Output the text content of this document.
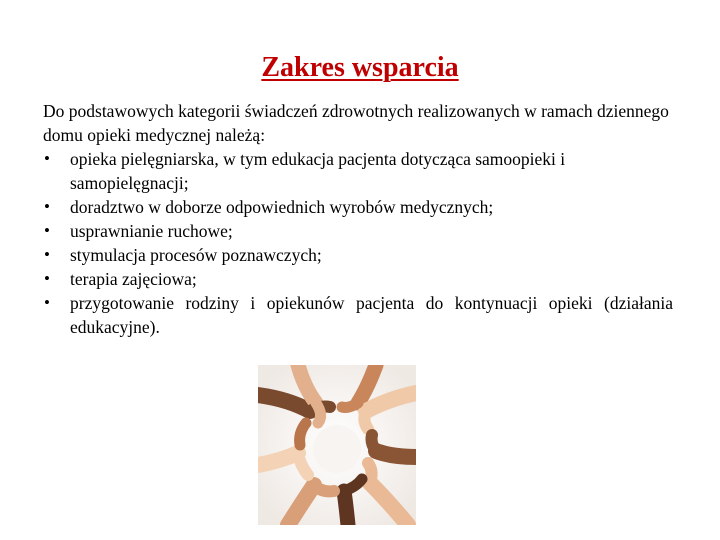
Zakres wsparcia

Do podstawowych kategorii świadczeń zdrowotnych realizowanych w ramach dziennego domu opieki medycznej należą:

• opieka pielęgniarska, w tym edukacja pacjenta dotycząca samoopieki i samopielęgnacji;
• doradztwo w doborze odpowiednich wyrobów medycznych;
• usprawnianie ruchowe;
• stymulacja procesów poznawczych;
• terapia zajęciowa;
• przygotowanie rodziny i opiekunów pacjenta do kontynuacji opieki (działania edukacyjne).
